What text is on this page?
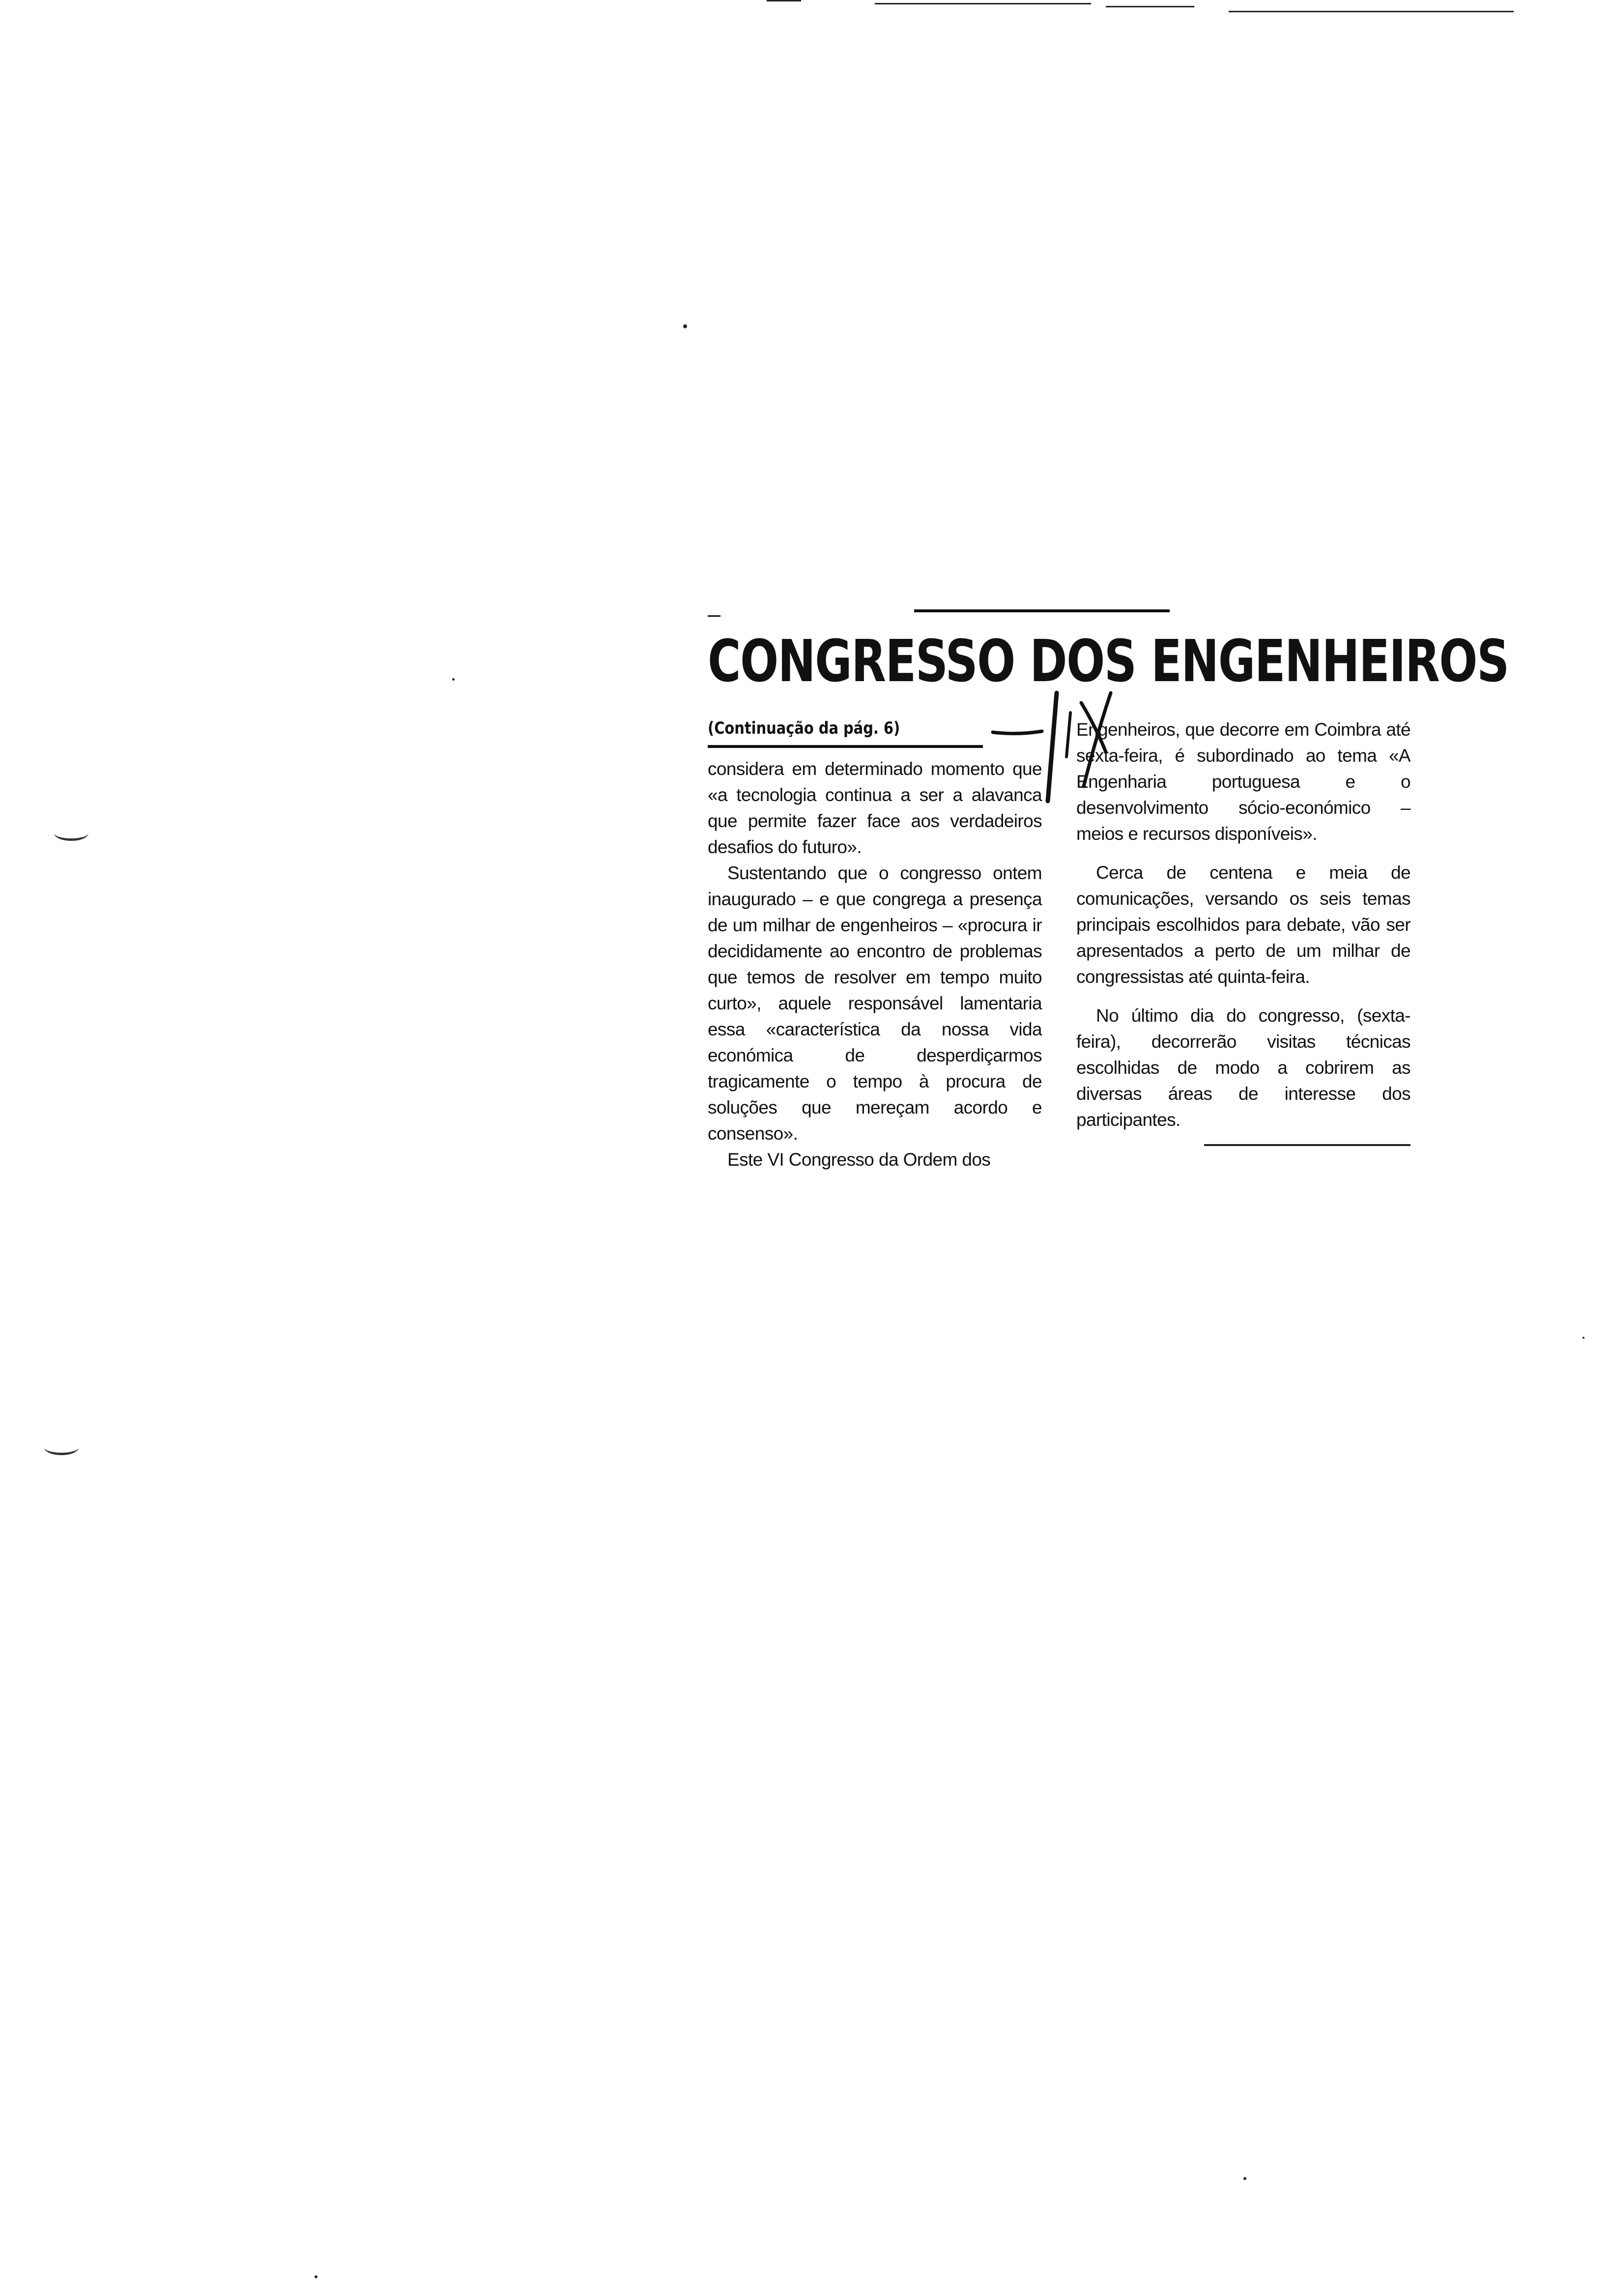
CONGRESSO DOS ENGENHEIROS
(Continuação da pág. 6)

considera em determinado momento que «a tecnologia continua a ser a alavanca que permite fazer face aos verdadeiros desafios do futuro».

Sustentando que o congresso ontem inaugurado – e que congrega a presença de um milhar de engenheiros – «procura ir decididamente ao encontro de problemas que temos de resolver em tempo muito curto», aquele responsável lamentaria essa «característica da nossa vida económica de desperdiçarmos tragicamente o tempo à procura de soluções que mereçam acordo e consenso».

Este VI Congresso da Ordem dos

Engenheiros, que decorre em Coimbra até sexta-feira, é subordinado ao tema «A Engenharia portuguesa e o desenvolvimento sócio-económico – meios e recursos disponíveis».

Cerca de centena e meia de comunicações, versando os seis temas principais escolhidos para debate, vão ser apresentados a perto de um milhar de congressistas até quinta-feira.

No último dia do congresso, (sexta-feira), decorrerão visitas técnicas escolhidas de modo a cobrirem as diversas áreas de interesse dos participantes.
